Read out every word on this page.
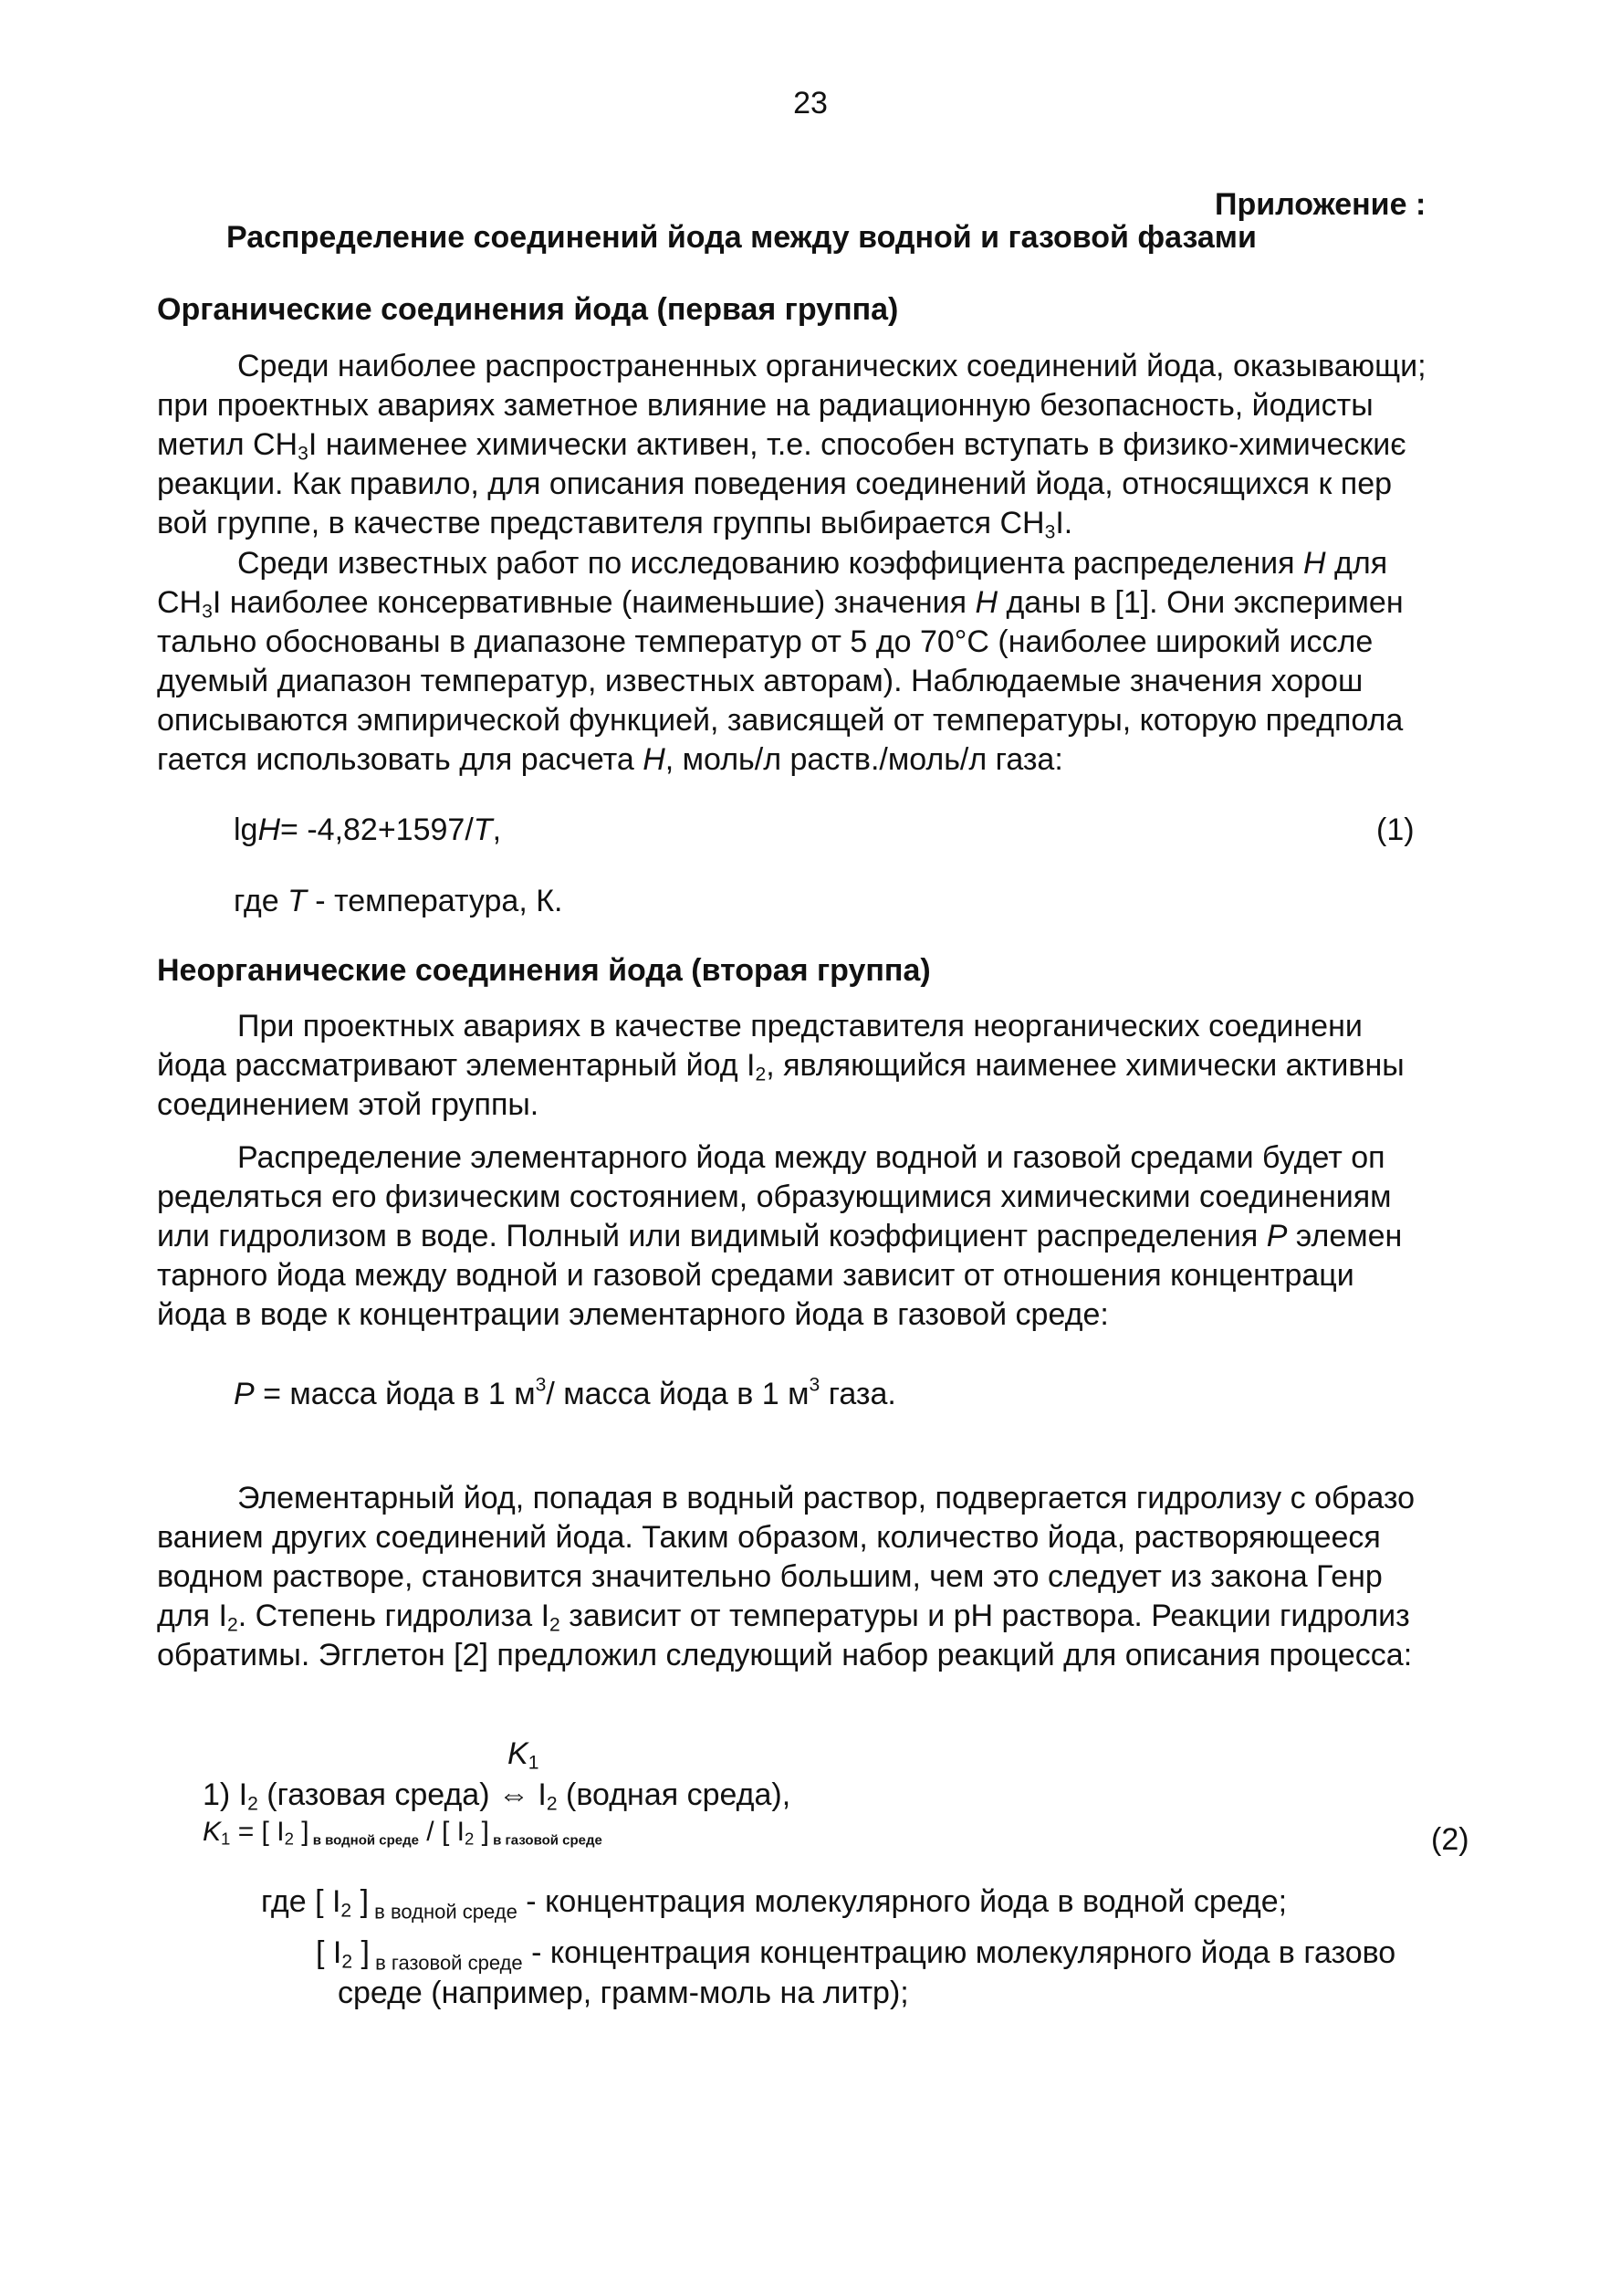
23
Приложение :
Распределение соединений йода между водной и газовой фазами
Органические соединения йода (первая группа)
Среди наиболее распространенных органических соединений йода, оказывающи;
при проектных авариях заметное влияние на радиационную безопасность, йодисты
метил $CH_3I$ наименее химически активен, т.е. способен вступать в физико-химическиє
реакции. Как правило, для описания поведения соединений йода, относящихся к пер
вой группе, в качестве представителя группы выбирается $CH_3I$.
Среди известных работ по исследованию коэффициента распределения H для
$CH_3I$ наиболее консервативные (наименьшие) значения H даны в [1]. Они эксперимен
тально обоснованы в диапазоне температур от 5 до 70°С (наиболее широкий иссле
дуемый диапазон температур, известных авторам). Наблюдаемые значения хорош
описываются эмпирической функцией, зависящей от температуры, которую предпола
гается использовать для расчета H, моль/л раств./моль/л газа:
lgH= -4,82+1597/T,	(1)
где T - температура, К.
Неорганические соединения йода (вторая группа)
При проектных авариях в качестве представителя неорганических соединени
йода рассматривают элементарный йод $I_2$, являющийся наименее химически активны
соединением этой группы.
Распределение элементарного йода между водной и газовой средами будет оп
ределяться его физическим состоянием, образующимися химическими соединениям
или гидролизом в воде. Полный или видимый коэффициент распределения P элемен
тарного йода между водной и газовой средами зависит от отношения концентраци
йода в воде к концентрации элементарного йода в газовой среде:
P = масса йода в 1 $м^3/$ масса йода в 1 $м^3$ газа.
Элементарный йод, попадая в водный раствор, подвергается гидролизу с образо
ванием других соединений йода. Таким образом, количество йода, растворяющееся
водном растворе, становится значительно большим, чем это следует из закона Генр
для $I_2$. Степень гидролиза $I_2$ зависит от температуры и pH раствора. Реакции гидролиз
обратимы. Эгглетон [2] предложил следующий набор реакций для описания процесса:
$K_1$
1) $I_2$ (газовая среда) ⇔ $I_2$ (водная среда),
$K_1$ = [ $I_2$ ] в водной среде / [ $I_2$ ] в газовой среде	(2)
где [ $I_2$ ] $_{в водной среде}$ - концентрация молекулярного йода в водной среде;
[ $I_2$ ] $_{в газовой среде}$ - концентрация концентрацию молекулярного йода в газово
среде (например, грамм-моль на литр);
